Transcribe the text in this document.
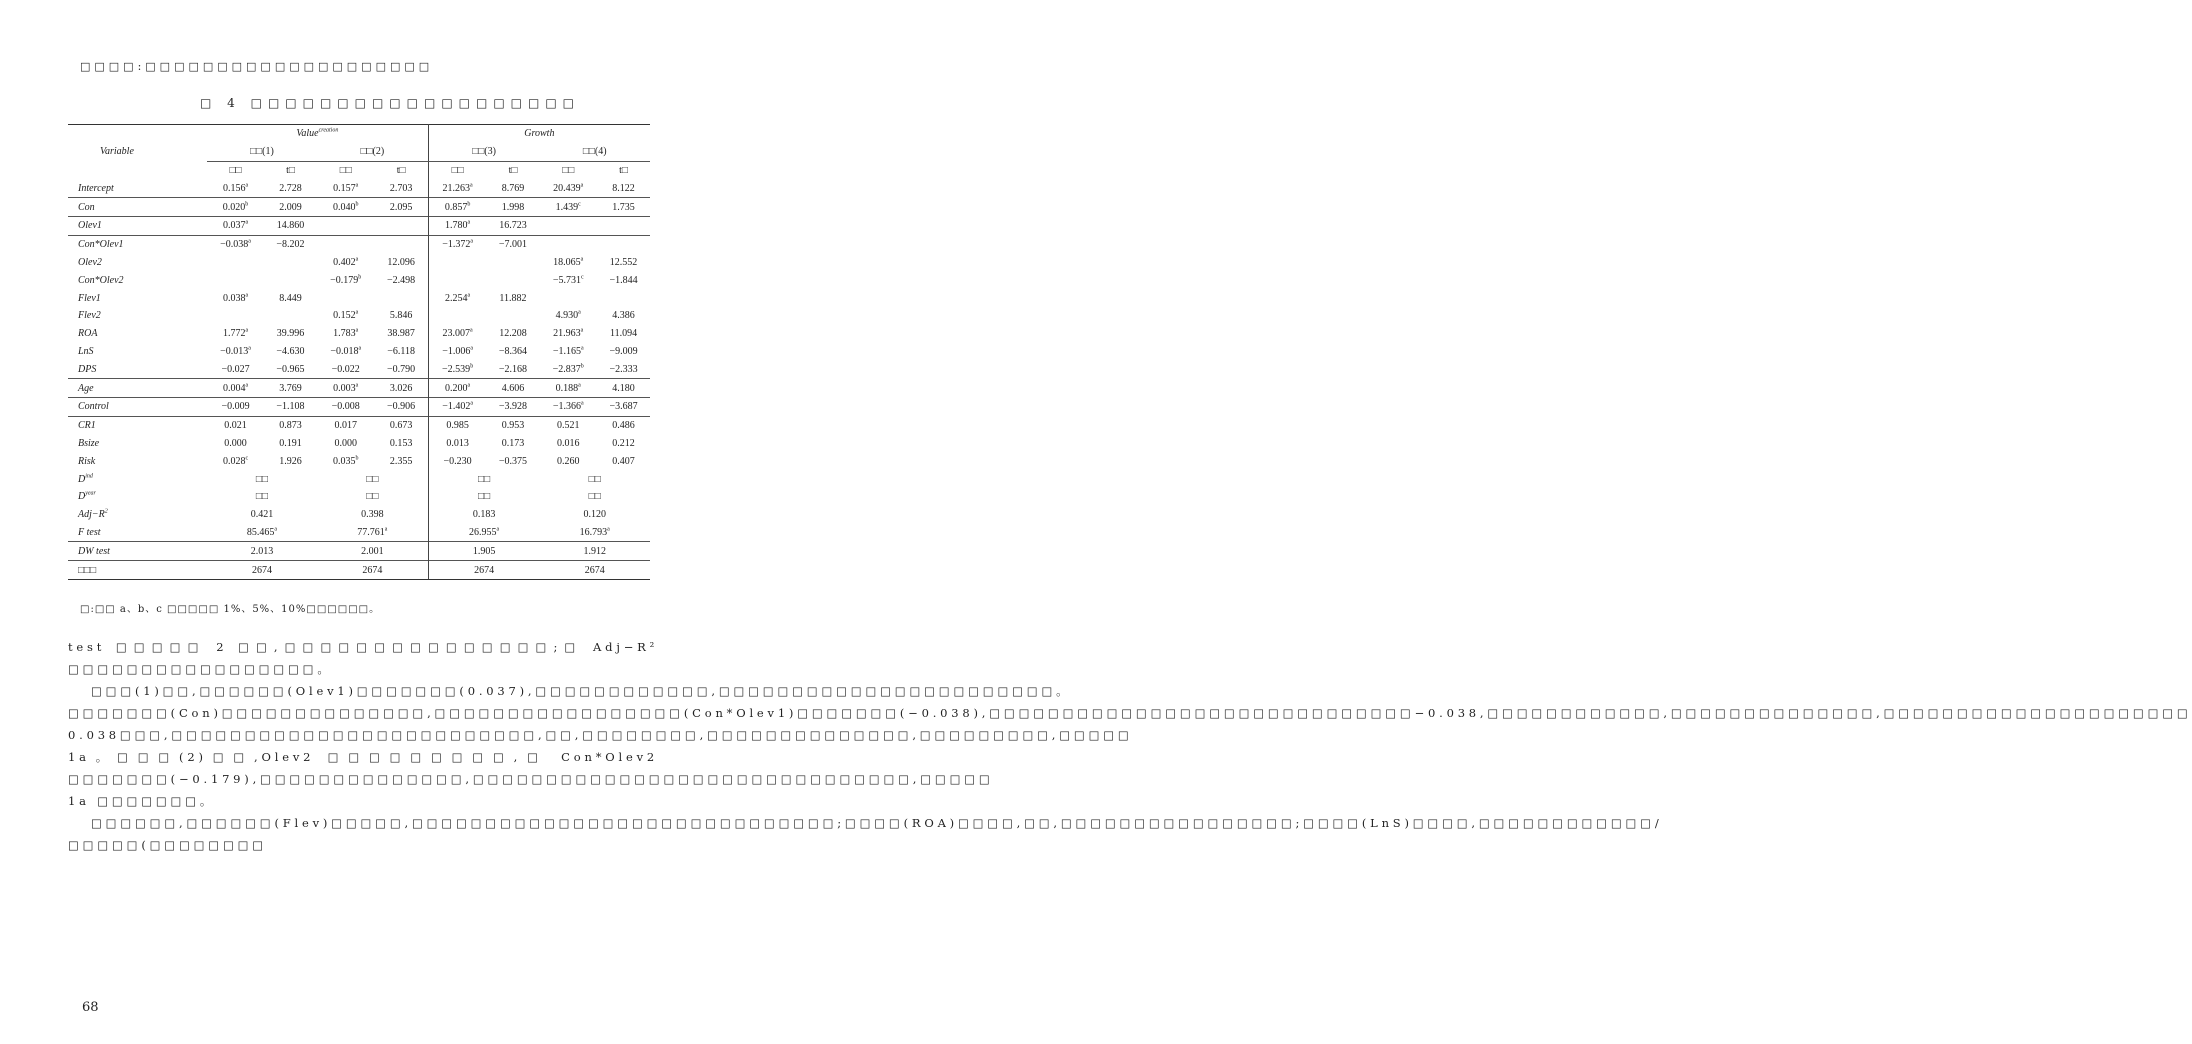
□□□□:□□□□□□□□□□□□□□□□□□□□
□ 4 □□□□□□□□□□□□□□□□□□□
	Value$^{creation}$				Growth			
Variable	□□(1)		□□(2)		□□(3)		□□(4)	
	□□	t□	□□	t□	□□	t□	□□	t□
Intercept	0.156$^a$	2.728	0.157$^a$	2.703	21.263$^a$	8.769	20.439$^a$	8.122
Con	0.020$^b$	2.009	0.040$^b$	2.095	0.857$^b$	1.998	1.439$^c$	1.735
Olev1	0.037$^a$	14.860			1.780$^a$	16.723		
Con*Olev1	−0.038$^a$	−8.202			−1.372$^a$	−7.001		
Olev2			0.402$^a$	12.096			18.065$^a$	12.552
Con*Olev2			−0.179$^b$	−2.498			−5.731$^c$	−1.844
Flev1	0.038$^a$	8.449			2.254$^a$	11.882		
Flev2			0.152$^a$	5.846			4.930$^a$	4.386
ROA	1.772$^a$	39.996	1.783$^a$	38.987	23.007$^a$	12.208	21.963$^a$	11.094
LnS	−0.013$^a$	−4.630	−0.018$^a$	−6.118	−1.006$^a$	−8.364	−1.165$^a$	−9.009
DPS	−0.027	−0.965	−0.022	−0.790	−2.539$^b$	−2.168	−2.837$^b$	−2.333
Age	0.004$^a$	3.769	0.003$^a$	3.026	0.200$^a$	4.606	0.188$^a$	4.180
Control	−0.009	−1.108	−0.008	−0.906	−1.402$^a$	−3.928	−1.366$^a$	−3.687
CR1	0.021	0.873	0.017	0.673	0.985	0.953	0.521	0.486
Bsize	0.000	0.191	0.000	0.153	0.013	0.173	0.016	0.212
Risk	0.028$^c$	1.926	0.035$^b$	2.355	−0.230	−0.375	0.260	0.407
$D^{ind}$	□□		□□		□□		□□	
$D^{year}$	□□		□□		□□		□□	
$Adj-R^2$	0.421		0.398		0.183		0.120	
F test	85.465$^a$		77.761$^a$		26.955$^a$		16.793$^a$
DW test	2.013		2.001		1.905		1.912	
□□□	2674		2674		2674		2674	
□:□□ a、b、c □□□□□ 1%、5%、10%□□□□□□。

test □□□□□ 2 □□,□□□□□□□□□□□□□□□;□ Adj−R² □□□□□□□□□□□□□□□□□。

□□□(1)□□,□□□□□□(Olev1)□□□□□□□(0.037),□□□□□□□□□□□□,□□□□□□□□□□□□□□□□□□□□□□□。□□□□□□□(Con)□□□□□□□□□□□□□□,□□□□□□□□□□□□□□□□□(Con*Olev1)□□□□□□□(−0.038),□□□□□□□□□□□□□□□□□□□□□□□□□□□□□−0.038,□□□□□□□□□□□□,□□□□□□□□□□□□□□,□□□□□□□□□□□□□□□□□□□□□ 0.038□□□,□□□□□□□□□□□□□□□□□□□□□□□□□,□□,□□□□□□□□,□□□□□□□□□□□□□□,□□□□□□□□□,□□□□□ 1a。□□□(2)□□,Olev2 □□□□□□□□□,□ Con*Olev2 □□□□□□□(−0.179),□□□□□□□□□□□□□□,□□□□□□□□□□□□□□□□□□□□□□□□□□□□□□,□□□□□ 1a □□□□□□□。

□□□□□□,□□□□□□(Flev)□□□□□,□□□□□□□□□□□□□□□□□□□□□□□□□□□□□;□□□□(ROA)□□□□,□□,□□□□□□□□□□□□□□□□;□□□□(LnS)□□□□,□□□□□□□□□□□□/□□□□□(□□□□□□□□

68
